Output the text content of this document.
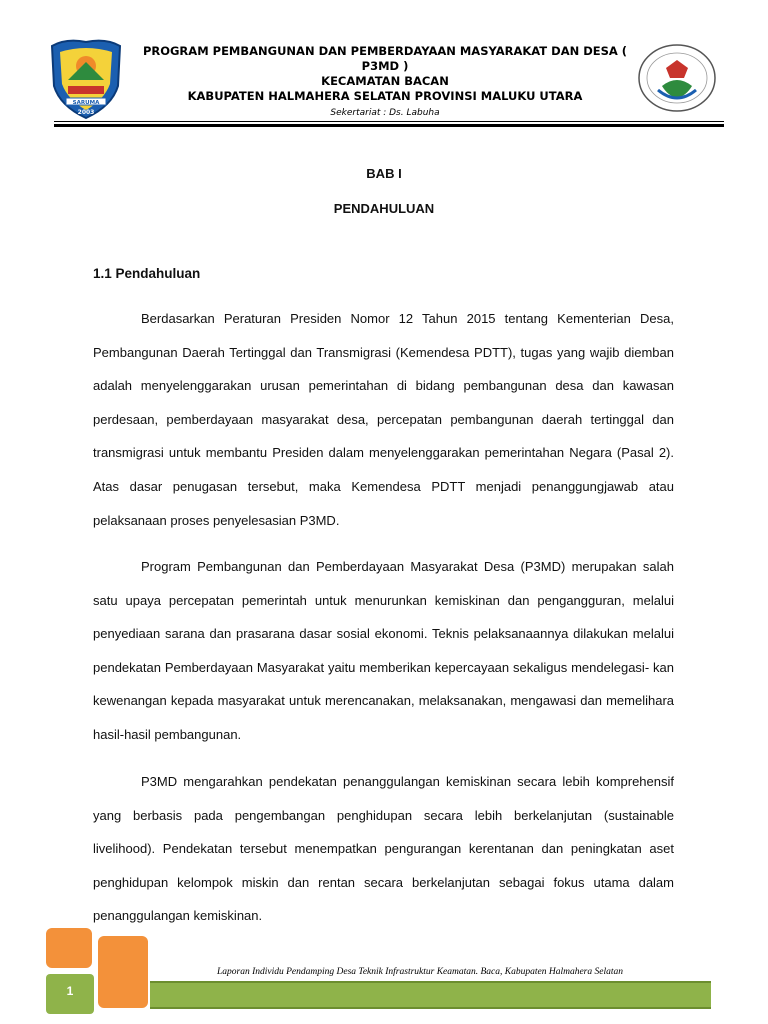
SARUMA
2003
PROGRAM PEMBANGUNAN DAN PEMBERDAYAAN MASYARAKAT DAN DESA ( P3MD )
KECAMATAN BACAN
KABUPATEN HALMAHERA SELATAN PROVINSI MALUKU UTARA
Sekertariat : Ds. Labuha
BAB I
PENDAHULUAN
1.1 Pendahuluan

Berdasarkan Peraturan Presiden Nomor 12 Tahun 2015 tentang Kementerian Desa, Pembangunan Daerah Tertinggal dan Transmigrasi (Kemendesa PDTT), tugas yang wajib diemban adalah menyelenggarakan urusan pemerintahan di bidang pembangunan desa dan kawasan perdesaan, pemberdayaan masyarakat desa, percepatan pembangunan daerah tertinggal dan transmigrasi untuk membantu Presiden dalam menyelenggarakan pemerintahan Negara (Pasal 2). Atas dasar penugasan tersebut, maka Kemendesa PDTT menjadi penanggungjawab atau pelaksanaan proses penyelesasian P3MD.

Program Pembangunan dan Pemberdayaan Masyarakat Desa (P3MD) merupakan salah satu upaya percepatan pemerintah untuk menurunkan kemiskinan dan pengangguran, melalui penyediaan sarana dan prasarana dasar sosial ekonomi. Teknis pelaksanaannya dilakukan melalui pendekatan Pemberdayaan Masyarakat yaitu memberikan kepercayaan sekaligus mendelegasi- kan kewenangan kepada masyarakat untuk merencanakan, melaksanakan, mengawasi dan memelihara hasil-hasil pembangunan.

P3MD mengarahkan pendekatan penanggulangan kemiskinan secara lebih komprehensif yang berbasis pada pengembangan penghidupan secara lebih berkelanjutan (sustainable livelihood). Pendekatan tersebut menempatkan pengurangan kerentanan dan peningkatan aset penghidupan kelompok miskin dan rentan secara berkelanjutan sebagai fokus utama dalam penanggulangan kemiskinan.

1
Laporan Individu Pendamping Desa Teknik Infrastruktur Keamatan. Baca, Kabupaten Halmahera Selatan
